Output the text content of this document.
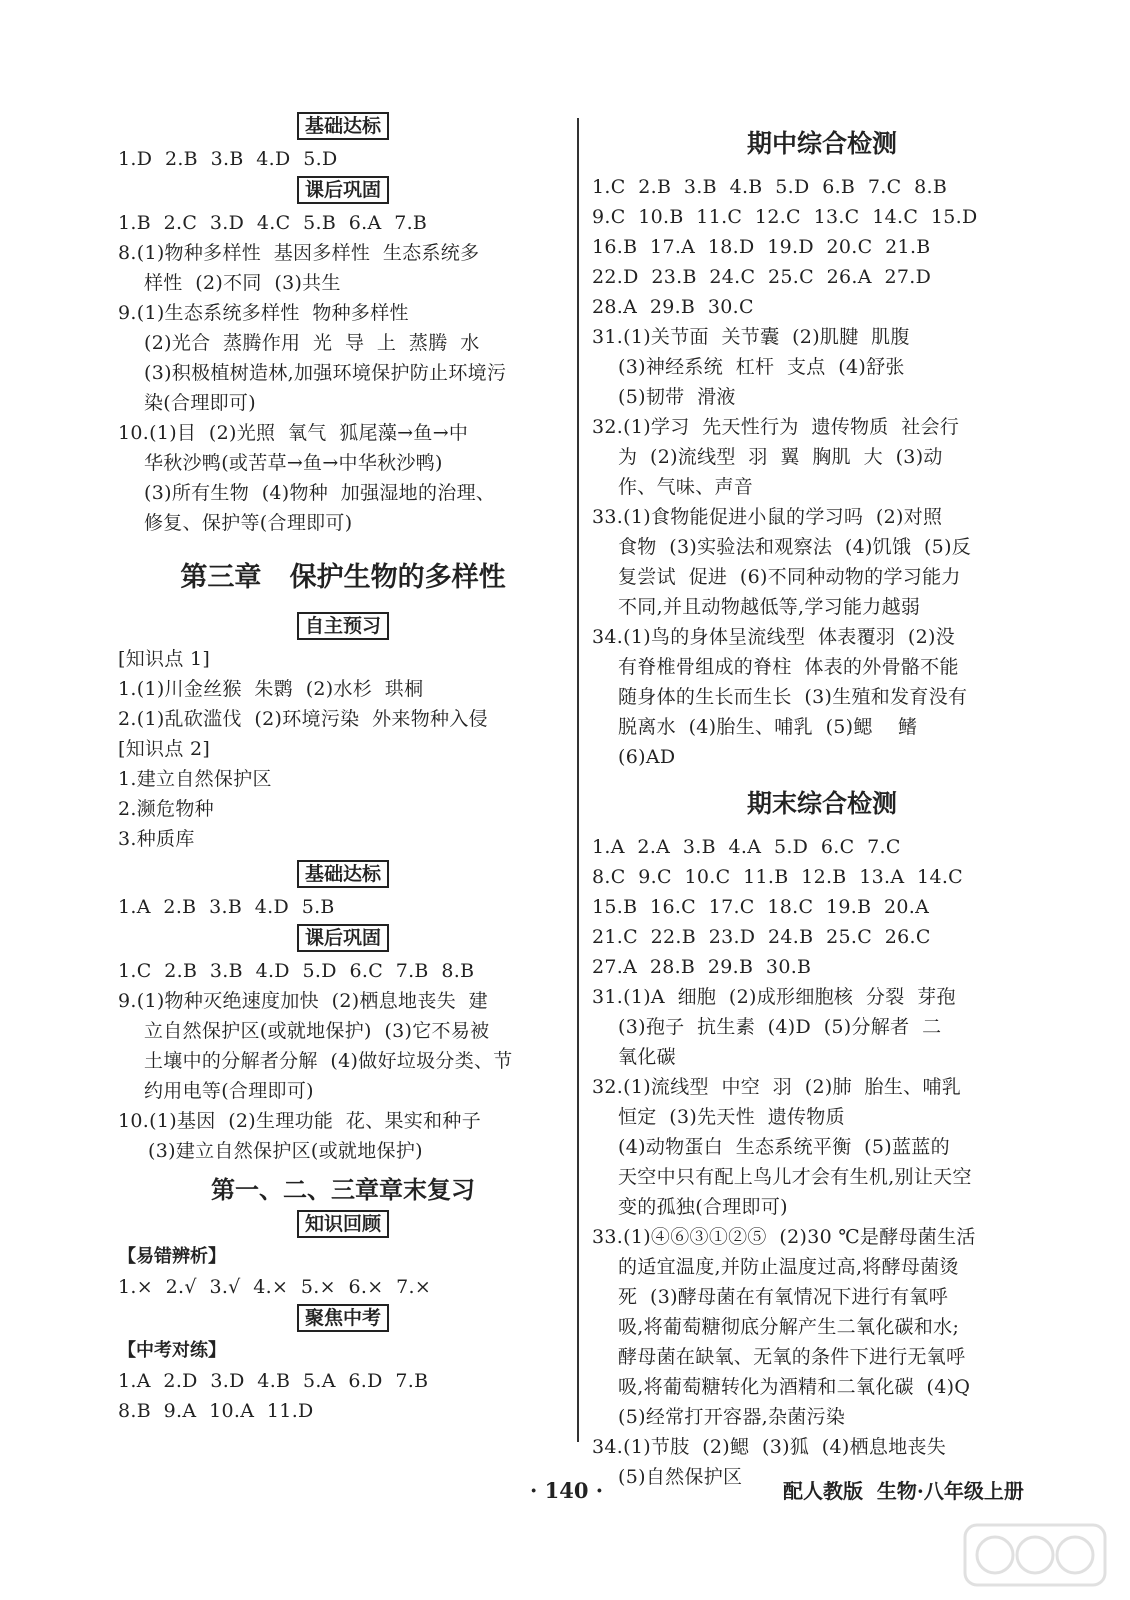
基础达标
1.D  2.B  3.B  4.D  5.D
课后巩固
1.B  2.C  3.D  4.C  5.B  6.A  7.B
8.(1)物种多样性  基因多样性  生态系统多
样性  (2)不同  (3)共生
9.(1)生态系统多样性  物种多样性
(2)光合  蒸腾作用  光  导  上  蒸腾  水
(3)积极植树造林,加强环境保护防止环境污
染(合理即可)
10.(1)目  (2)光照  氧气  狐尾藻→鱼→中
华秋沙鸭(或苦草→鱼→中华秋沙鸭)
(3)所有生物  (4)物种  加强湿地的治理、
修复、保护等(合理即可)
第三章   保护生物的多样性
自主预习
[知识点 1]
1.(1)川金丝猴  朱鹮  (2)水杉  珙桐
2.(1)乱砍滥伐  (2)环境污染  外来物种入侵
[知识点 2]
1.建立自然保护区
2.濒危物种
3.种质库
基础达标
1.A  2.B  3.B  4.D  5.B
课后巩固
1.C  2.B  3.B  4.D  5.D  6.C  7.B  8.B
9.(1)物种灭绝速度加快  (2)栖息地丧失  建
立自然保护区(或就地保护)  (3)它不易被
土壤中的分解者分解  (4)做好垃圾分类、节
约用电等(合理即可)
10.(1)基因  (2)生理功能  花、果实和种子
(3)建立自然保护区(或就地保护)
第一、二、三章章末复习
知识回顾
【易错辨析】
1.×  2.√  3.√  4.×  5.×  6.×  7.×
聚焦中考
【中考对练】
1.A  2.D  3.D  4.B  5.A  6.D  7.B
8.B  9.A  10.A  11.D
期中综合检测
1.C  2.B  3.B  4.B  5.D  6.B  7.C  8.B
9.C  10.B  11.C  12.C  13.C  14.C  15.D
16.B  17.A  18.D  19.D  20.C  21.B
22.D  23.B  24.C  25.C  26.A  27.D
28.A  29.B  30.C
31.(1)关节面  关节囊  (2)肌腱  肌腹
(3)神经系统  杠杆  支点  (4)舒张
(5)韧带  滑液
32.(1)学习  先天性行为  遗传物质  社会行
为  (2)流线型  羽  翼  胸肌  大  (3)动
作、气味、声音
33.(1)食物能促进小鼠的学习吗  (2)对照
食物  (3)实验法和观察法  (4)饥饿  (5)反
复尝试  促进  (6)不同种动物的学习能力
不同,并且动物越低等,学习能力越弱
34.(1)鸟的身体呈流线型  体表覆羽  (2)没
有脊椎骨组成的脊柱  体表的外骨骼不能
随身体的生长而生长  (3)生殖和发育没有
脱离水  (4)胎生、哺乳  (5)鳃    鳍
(6)AD
期末综合检测
1.A  2.A  3.B  4.A  5.D  6.C  7.C
8.C  9.C  10.C  11.B  12.B  13.A  14.C
15.B  16.C  17.C  18.C  19.B  20.A
21.C  22.B  23.D  24.B  25.C  26.C
27.A  28.B  29.B  30.B
31.(1)A  细胞  (2)成形细胞核  分裂  芽孢
(3)孢子  抗生素  (4)D  (5)分解者  二
氧化碳
32.(1)流线型  中空  羽  (2)肺  胎生、哺乳
恒定  (3)先天性  遗传物质
(4)动物蛋白  生态系统平衡  (5)蓝蓝的
天空中只有配上鸟儿才会有生机,别让天空
变的孤独(合理即可)
33.(1)④⑥③①②⑤  (2)30 ℃是酵母菌生活
的适宜温度,并防止温度过高,将酵母菌烫
死  (3)酵母菌在有氧情况下进行有氧呼
吸,将葡萄糖彻底分解产生二氧化碳和水;
酵母菌在缺氧、无氧的条件下进行无氧呼
吸,将葡萄糖转化为酒精和二氧化碳  (4)Q
(5)经常打开容器,杂菌污染
34.(1)节肢  (2)鳃  (3)狐  (4)栖息地丧失
(5)自然保护区
· 140 ·	配人教版  生物·八年级上册
